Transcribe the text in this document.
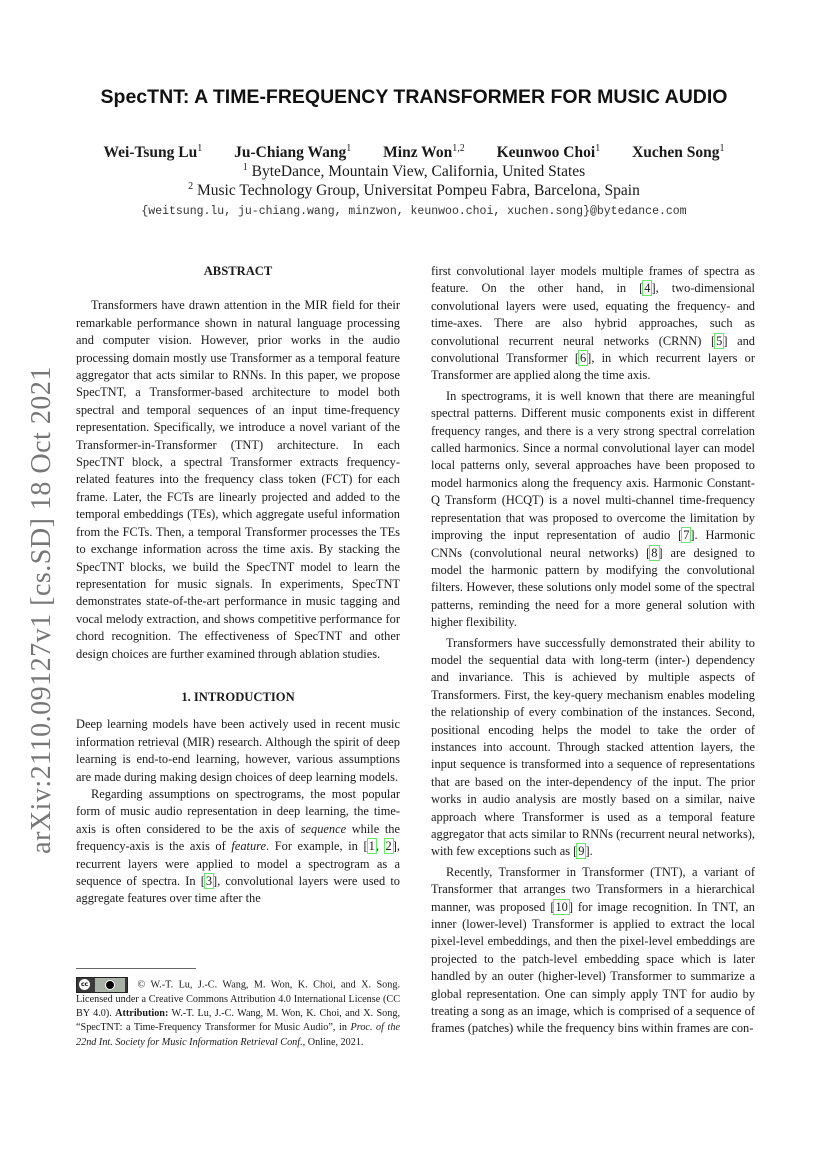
arXiv:2110.09127v1 [cs.SD] 18 Oct 2021
SpecTNT: A TIME-FREQUENCY TRANSFORMER FOR MUSIC AUDIO
Wei-Tsung Lu$^1$ Ju-Chiang Wang$^1$ Minz Won$^{1,2}$ Keunwoo Choi$^1$ Xuchen Song$^1$
$^1$ ByteDance, Mountain View, California, United States
$^2$ Music Technology Group, Universitat Pompeu Fabra, Barcelona, Spain
{weitsung.lu, ju-chiang.wang, minzwon, keunwoo.choi, xuchen.song}@bytedance.com
ABSTRACT

Transformers have drawn attention in the MIR field for their remarkable performance shown in natural language processing and computer vision. However, prior works in the audio processing domain mostly use Transformer as a temporal feature aggregator that acts similar to RNNs. In this paper, we propose SpecTNT, a Transformer-based architecture to model both spectral and temporal sequences of an input time-frequency representation. Specifically, we introduce a novel variant of the Transformer-in-Transformer (TNT) architecture. In each SpecTNT block, a spectral Transformer extracts frequency-related features into the frequency class token (FCT) for each frame. Later, the FCTs are linearly projected and added to the temporal embeddings (TEs), which aggregate useful information from the FCTs. Then, a temporal Transformer processes the TEs to exchange information across the time axis. By stacking the SpecTNT blocks, we build the SpecTNT model to learn the representation for music signals. In experiments, SpecTNT demonstrates state-of-the-art performance in music tagging and vocal melody extraction, and shows competitive performance for chord recognition. The effectiveness of SpecTNT and other design choices are further examined through ablation studies.

1. INTRODUCTION

Deep learning models have been actively used in recent music information retrieval (MIR) research. Although the spirit of deep learning is end-to-end learning, however, various assumptions are made during making design choices of deep learning models.

Regarding assumptions on spectrograms, the most popular form of music audio representation in deep learning, the time-axis is often considered to be the axis of sequence while the frequency-axis is the axis of feature. For example, in [1, 2], recurrent layers were applied to model a spectrogram as a sequence of spectra. In [3], convolutional layers were used to aggregate features over time after the

cc	© W.-T. Lu, J.-C. Wang, M. Won, K. Choi, and X. Song. Licensed under a Creative Commons Attribution 4.0 International License (CC BY 4.0). Attribution: W.-T. Lu, J.-C. Wang, M. Won, K. Choi, and X. Song, “SpecTNT: a Time-Frequency Transformer for Music Audio”, in Proc. of the 22nd Int. Society for Music Information Retrieval Conf., Online, 2021.

first convolutional layer models multiple frames of spectra as feature. On the other hand, in [4], two-dimensional convolutional layers were used, equating the frequency- and time-axes. There are also hybrid approaches, such as convolutional recurrent neural networks (CRNN) [5] and convolutional Transformer [6], in which recurrent layers or Transformer are applied along the time axis.

In spectrograms, it is well known that there are meaningful spectral patterns. Different music components exist in different frequency ranges, and there is a very strong spectral correlation called harmonics. Since a normal convolutional layer can model local patterns only, several approaches have been proposed to model harmonics along the frequency axis. Harmonic Constant-Q Transform (HCQT) is a novel multi-channel time-frequency representation that was proposed to overcome the limitation by improving the input representation of audio [7]. Harmonic CNNs (convolutional neural networks) [8] are designed to model the harmonic pattern by modifying the convolutional filters. However, these solutions only model some of the spectral patterns, reminding the need for a more general solution with higher flexibility.

Transformers have successfully demonstrated their ability to model the sequential data with long-term (inter-) dependency and invariance. This is achieved by multiple aspects of Transformers. First, the key-query mechanism enables modeling the relationship of every combination of the instances. Second, positional encoding helps the model to take the order of instances into account. Through stacked attention layers, the input sequence is transformed into a sequence of representations that are based on the inter-dependency of the input. The prior works in audio analysis are mostly based on a similar, naive approach where Transformer is used as a temporal feature aggregator that acts similar to RNNs (recurrent neural networks), with few exceptions such as [9].

Recently, Transformer in Transformer (TNT), a variant of Transformer that arranges two Transformers in a hierarchical manner, was proposed [10] for image recognition. In TNT, an inner (lower-level) Transformer is applied to extract the local pixel-level embeddings, and then the pixel-level embeddings are projected to the patch-level embedding space which is later handled by an outer (higher-level) Transformer to summarize a global representation. One can simply apply TNT for audio by treating a song as an image, which is comprised of a sequence of frames (patches) while the frequency bins within frames are con-
